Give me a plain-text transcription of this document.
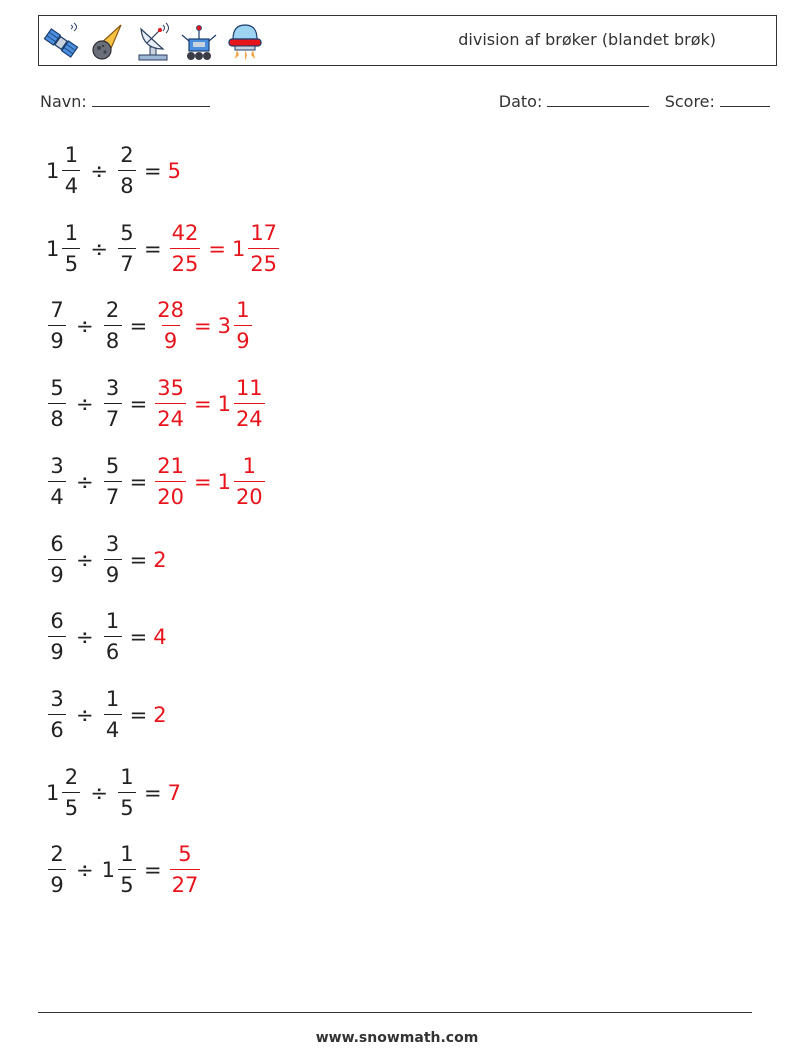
division af brøker (blandet brøk)
Navn:	Dato:	Score:
$1 \frac{1}{4} \div \frac{2}{8} = 5$
$1 \frac{1}{5} \div \frac{5}{7} = \frac{42}{25} = 1 \frac{17}{25}$
$\frac{7}{9} \div \frac{2}{8} = \frac{28}{9} = 3 \frac{1}{9}$
$\frac{5}{8} \div \frac{3}{7} = \frac{35}{24} = 1 \frac{11}{24}$
$\frac{3}{4} \div \frac{5}{7} = \frac{21}{20} = 1 \frac{1}{20}$
$\frac{6}{9} \div \frac{3}{9} = 2$
$\frac{6}{9} \div \frac{1}{6} = 4$
$\frac{3}{6} \div \frac{1}{4} = 2$
$1 \frac{2}{5} \div \frac{1}{5} = 7$
$\frac{2}{9} \div 1 \frac{1}{5} = \frac{5}{27}$
www.snowmath.com
